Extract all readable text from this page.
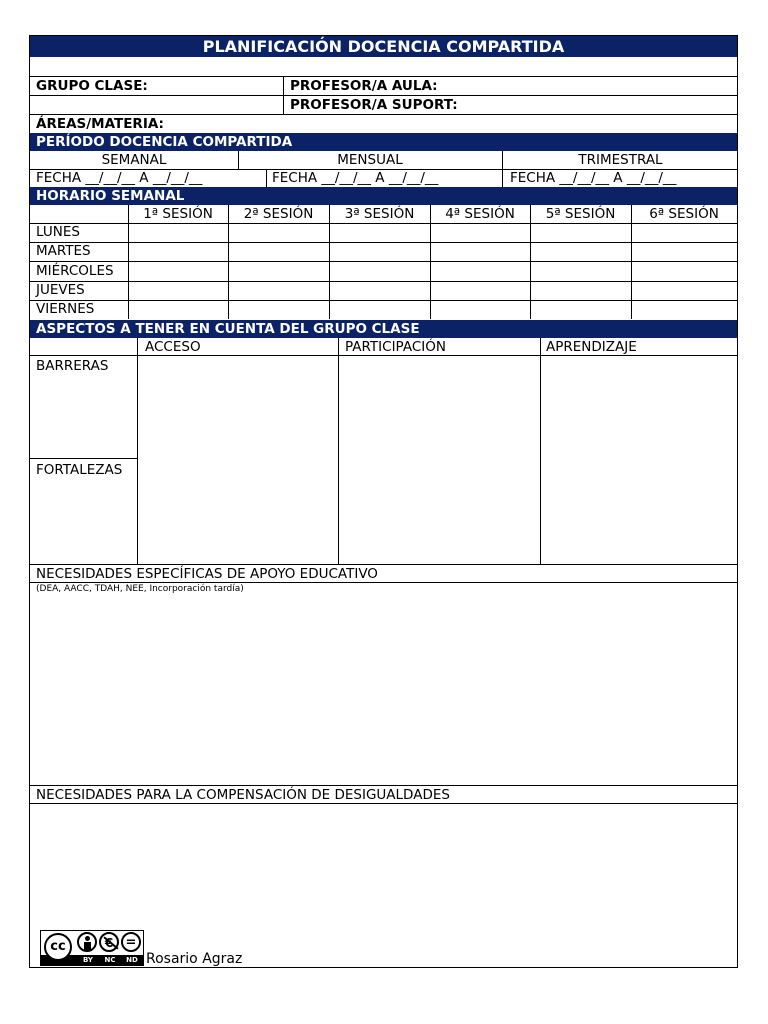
PLANIFICACIÓN DOCENCIA COMPARTIDA
GRUPO CLASE:	PROFESOR/A AULA:
PROFESOR/A SUPORT:
ÁREAS/MATERIA:
PERÍODO DOCENCIA COMPARTIDA
SEMANAL	MENSUAL	TRIMESTRAL
FECHA __/__/__ A __/__/__	FECHA __/__/__ A __/__/__	FECHA __/__/__ A __/__/__
HORARIO SEMANAL
1ª SESIÓN	2ª SESIÓN	3ª SESIÓN	4ª SESIÓN	5ª SESIÓN	6ª SESIÓN
LUNES
MARTES
MIÉRCOLES
JUEVES
VIERNES
ASPECTOS A TENER EN CUENTA DEL GRUPO CLASE
ACCESO	PARTICIPACIÓN	APRENDIZAJE
BARRERAS
FORTALEZAS
NECESIDADES ESPECÍFICAS DE APOYO EDUCATIVO
(DEA, AACC, TDAH, NEE, Incorporación tardía)
NECESIDADES PARA LA COMPENSACIÓN DE DESIGUALDADES
cc	€ =
BY	NC	ND Rosario Agraz
